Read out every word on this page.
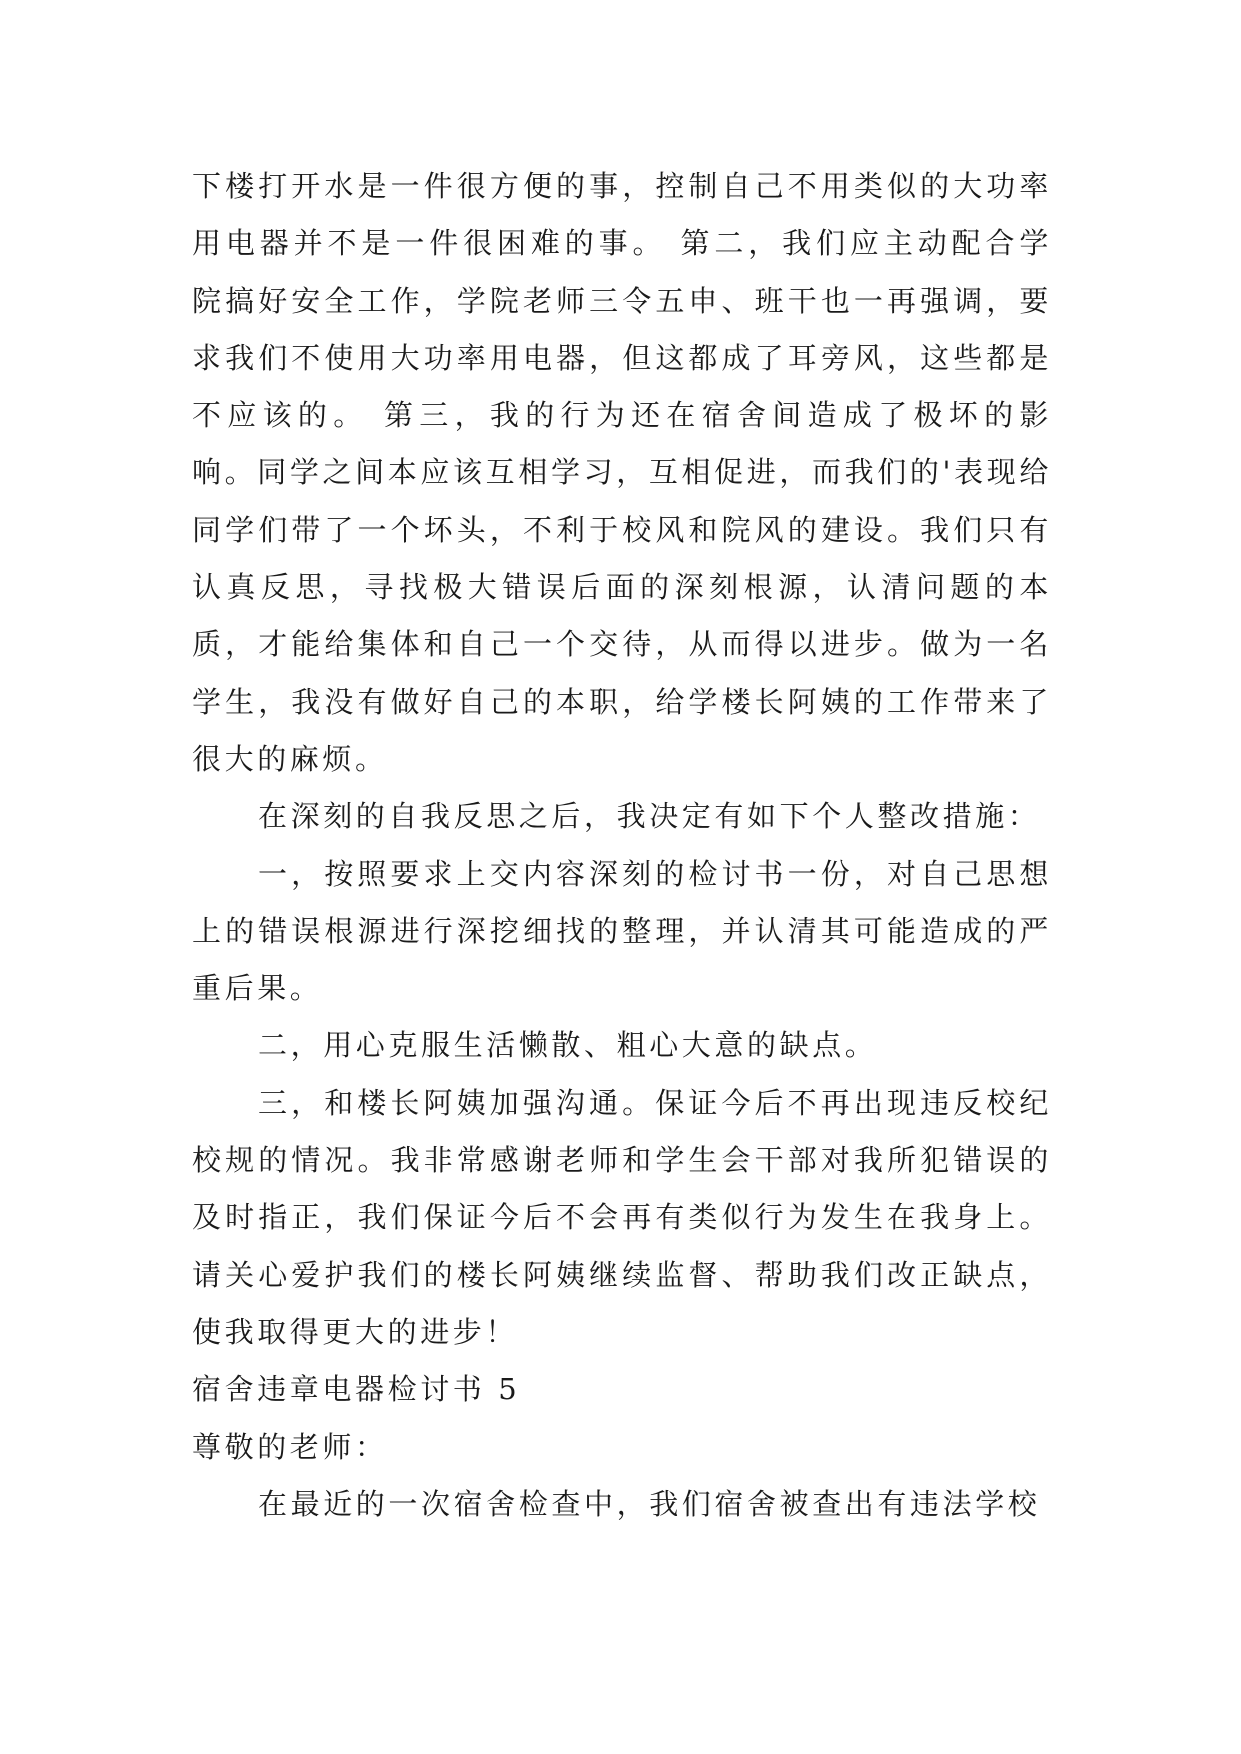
下楼打开水是一件很方便的事，控制自己不用类似的大功率用电器并不是一件很困难的事。 第二，我们应主动配合学院搞好安全工作，学院老师三令五申、班干也一再强调，要求我们不使用大功率用电器，但这都成了耳旁风，这些都是不应该的。 第三，我的行为还在宿舍间造成了极坏的影响。同学之间本应该互相学习，互相促进，而我们的'表现给同学们带了一个坏头，不利于校风和院风的建设。我们只有认真反思，寻找极大错误后面的深刻根源，认清问题的本质，才能给集体和自己一个交待，从而得以进步。做为一名学生，我没有做好自己的本职，给学楼长阿姨的工作带来了很大的麻烦。

在深刻的自我反思之后，我决定有如下个人整改措施：

一，按照要求上交内容深刻的检讨书一份，对自己思想上的错误根源进行深挖细找的整理，并认清其可能造成的严重后果。

二，用心克服生活懒散、粗心大意的缺点。

三，和楼长阿姨加强沟通。保证今后不再出现违反校纪校规的情况。我非常感谢老师和学生会干部对我所犯错误的及时指正，我们保证今后不会再有类似行为发生在我身上。请关心爱护我们的楼长阿姨继续监督、帮助我们改正缺点，使我取得更大的进步！

宿舍违章电器检讨书 5

尊敬的老师：

在最近的一次宿舍检查中，我们宿舍被查出有违法学校
